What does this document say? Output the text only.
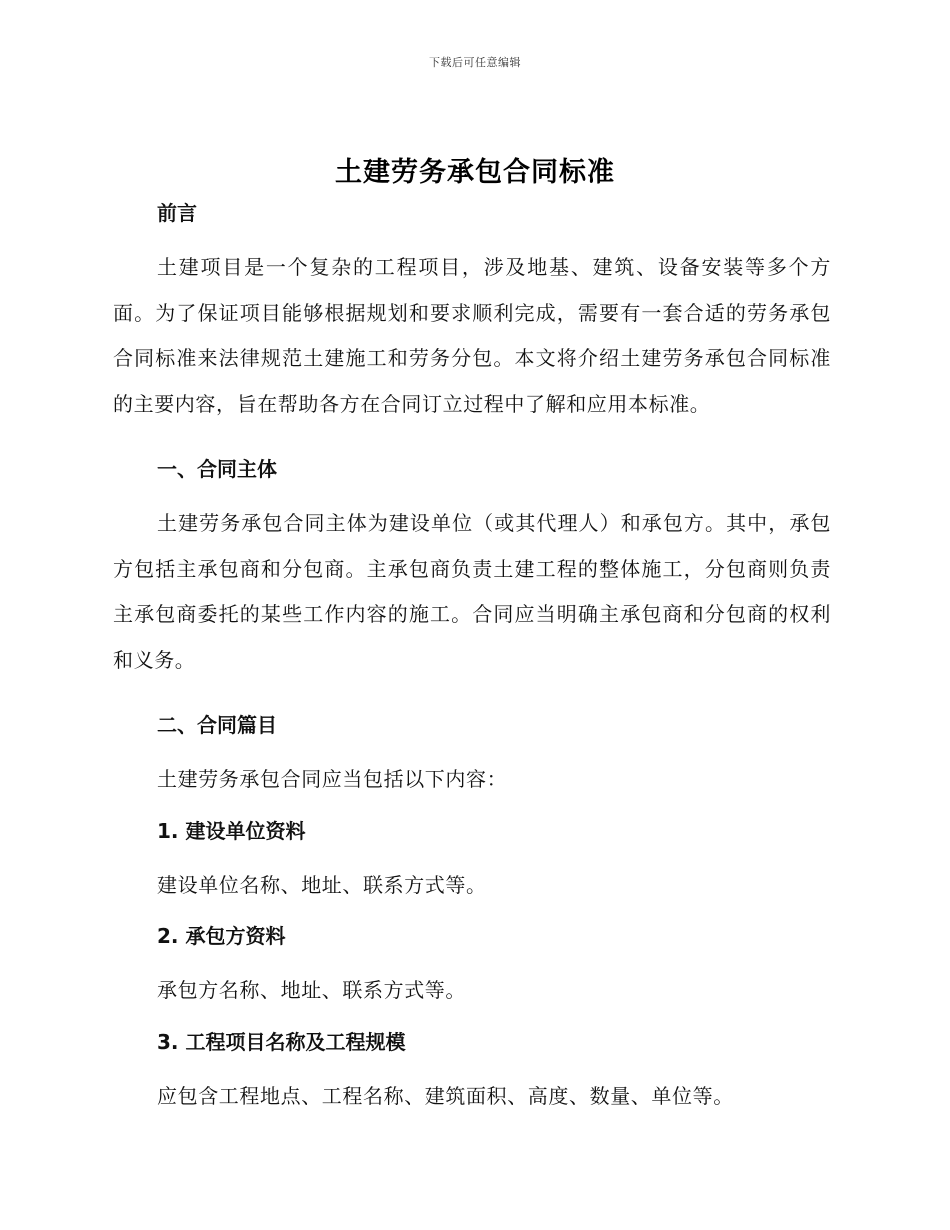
下载后可任意编辑
土建劳务承包合同标准
前言

土建项目是一个复杂的工程项目，涉及地基、建筑、设备安装等多个方面。为了保证项目能够根据规划和要求顺利完成，需要有一套合适的劳务承包合同标准来法律规范土建施工和劳务分包。本文将介绍土建劳务承包合同标准的主要内容，旨在帮助各方在合同订立过程中了解和应用本标准。

一、合同主体

土建劳务承包合同主体为建设单位（或其代理人）和承包方。其中，承包方包括主承包商和分包商。主承包商负责土建工程的整体施工，分包商则负责主承包商委托的某些工作内容的施工。合同应当明确主承包商和分包商的权利和义务。

二、合同篇目

土建劳务承包合同应当包括以下内容：

1. 建设单位资料

建设单位名称、地址、联系方式等。

2. 承包方资料

承包方名称、地址、联系方式等。

3. 工程项目名称及工程规模

应包含工程地点、工程名称、建筑面积、高度、数量、单位等。
